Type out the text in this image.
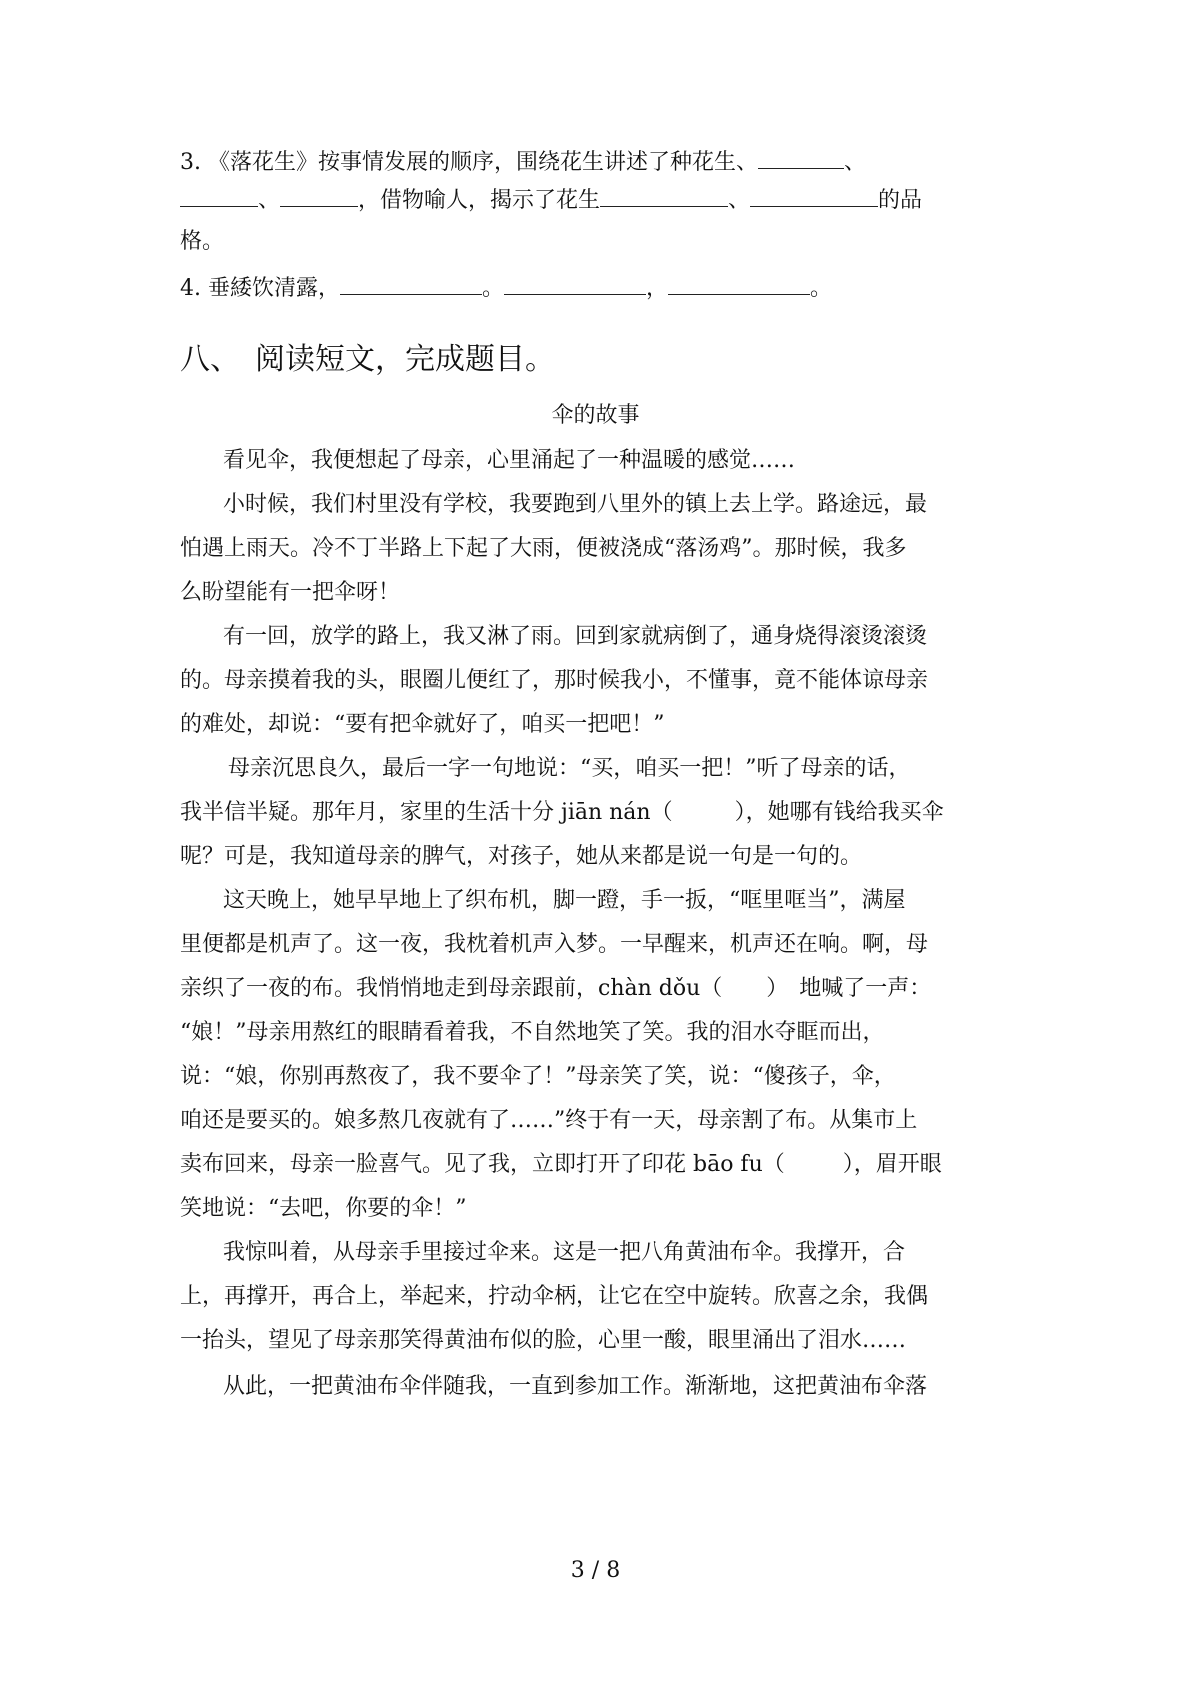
3. 《落花生》按事情发展的顺序，围绕花生讲述了种花生、	、
、	，借物喻人，揭示了花生	、	的品
格。
4. 垂緌饮清露，	。	，	。
八、　阅读短文，完成题目。
伞的故事
看见伞，我便想起了母亲，心里涌起了一种温暖的感觉……
小时候，我们村里没有学校，我要跑到八里外的镇上去上学。路途远，最
怕遇上雨天。冷不丁半路上下起了大雨，便被浇成“落汤鸡”。那时候，我多
么盼望能有一把伞呀！
有一回，放学的路上，我又淋了雨。回到家就病倒了，通身烧得滚烫滚烫
的。母亲摸着我的头，眼圈儿便红了，那时候我小，不懂事，竟不能体谅母亲
的难处，却说：“要有把伞就好了，咱买一把吧！”
母亲沉思良久，最后一字一句地说：“买，咱买一把！”听了母亲的话，
我半信半疑。那年月，家里的生活十分 jiān nán（	），她哪有钱给我买伞
呢？可是，我知道母亲的脾气，对孩子，她从来都是说一句是一句的。
这天晚上，她早早地上了织布机，脚一蹬，手一扳，“哐里哐当”，满屋
里便都是机声了。这一夜，我枕着机声入梦。一早醒来，机声还在响。啊，母
亲织了一夜的布。我悄悄地走到母亲跟前，chàn dǒu（ ）　地喊了一声：
“娘！”母亲用熬红的眼睛看着我，不自然地笑了笑。我的泪水夺眶而出，
说：“娘，你别再熬夜了，我不要伞了！”母亲笑了笑，说：“傻孩子，伞，
咱还是要买的。娘多熬几夜就有了……”终于有一天，母亲割了布。从集市上
卖布回来，母亲一脸喜气。见了我，立即打开了印花 bāo fu（	），眉开眼
笑地说：“去吧，你要的伞！”
我惊叫着，从母亲手里接过伞来。这是一把八角黄油布伞。我撑开，合
上，再撑开，再合上，举起来，拧动伞柄，让它在空中旋转。欣喜之余，我偶
一抬头，望见了母亲那笑得黄油布似的脸，心里一酸，眼里涌出了泪水……
从此，一把黄油布伞伴随我，一直到参加工作。渐渐地，这把黄油布伞落
3 / 8
